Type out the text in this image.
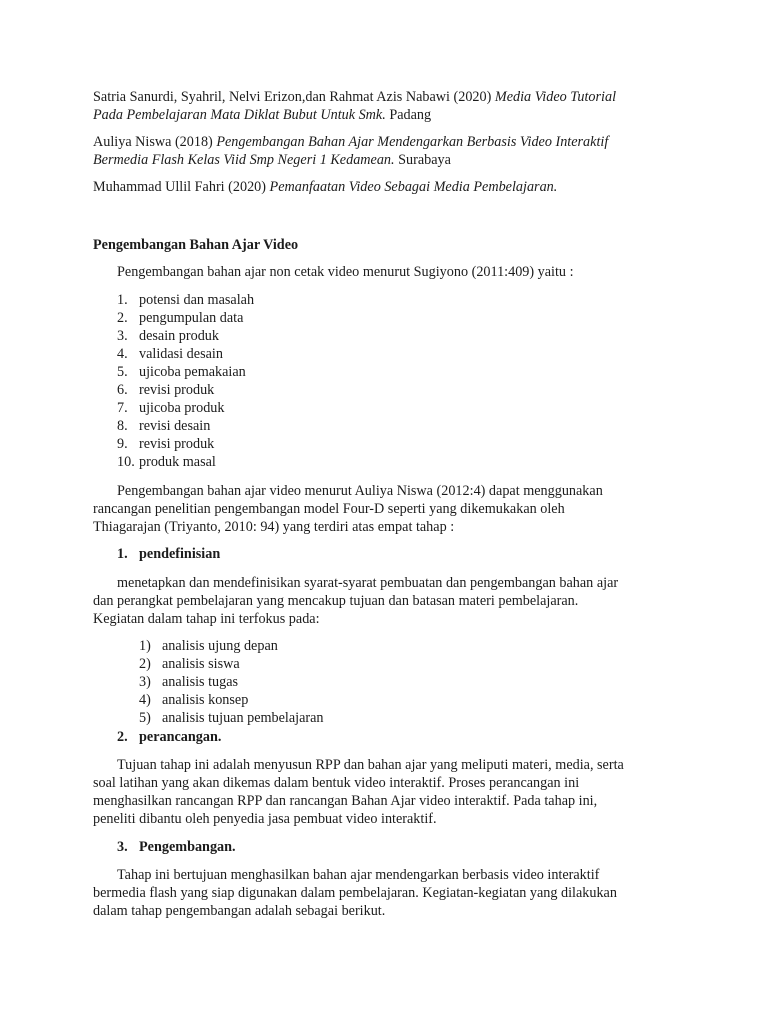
Satria Sanurdi, Syahril, Nelvi Erizon,dan Rahmat Azis Nabawi (2020) Media Video Tutorial
Pada Pembelajaran Mata Diklat Bubut Untuk Smk. Padang
Auliya Niswa (2018) Pengembangan Bahan Ajar Mendengarkan Berbasis Video Interaktif
Bermedia Flash Kelas Viid Smp Negeri 1 Kedamean. Surabaya
Muhammad Ullil Fahri (2020) Pemanfaatan Video Sebagai Media Pembelajaran.
Pengembangan Bahan Ajar Video
Pengembangan bahan ajar non cetak video menurut Sugiyono (2011:409) yaitu :
1. potensi dan masalah
2. pengumpulan data
3. desain produk
4. validasi desain
5. ujicoba pemakaian
6. revisi produk
7. ujicoba produk
8. revisi desain
9. revisi produk
10. produk masal
Pengembangan bahan ajar video menurut Auliya Niswa (2012:4) dapat menggunakan
rancangan penelitian pengembangan model Four-D seperti yang dikemukakan oleh
Thiagarajan (Triyanto, 2010: 94) yang terdiri atas empat tahap :
1. pendefinisian
menetapkan dan mendefinisikan syarat-syarat pembuatan dan pengembangan bahan ajar
dan perangkat pembelajaran yang mencakup tujuan dan batasan materi pembelajaran.
Kegiatan dalam tahap ini terfokus pada:
1) analisis ujung depan
2) analisis siswa
3) analisis tugas
4) analisis konsep
5) analisis tujuan pembelajaran
2. perancangan.
Tujuan tahap ini adalah menyusun RPP dan bahan ajar yang meliputi materi, media, serta
soal latihan yang akan dikemas dalam bentuk video interaktif. Proses perancangan ini
menghasilkan rancangan RPP dan rancangan Bahan Ajar video interaktif. Pada tahap ini,
peneliti dibantu oleh penyedia jasa pembuat video interaktif.
3. Pengembangan.
Tahap ini bertujuan menghasilkan bahan ajar mendengarkan berbasis video interaktif
bermedia flash yang siap digunakan dalam pembelajaran. Kegiatan-kegiatan yang dilakukan
dalam tahap pengembangan adalah sebagai berikut.
